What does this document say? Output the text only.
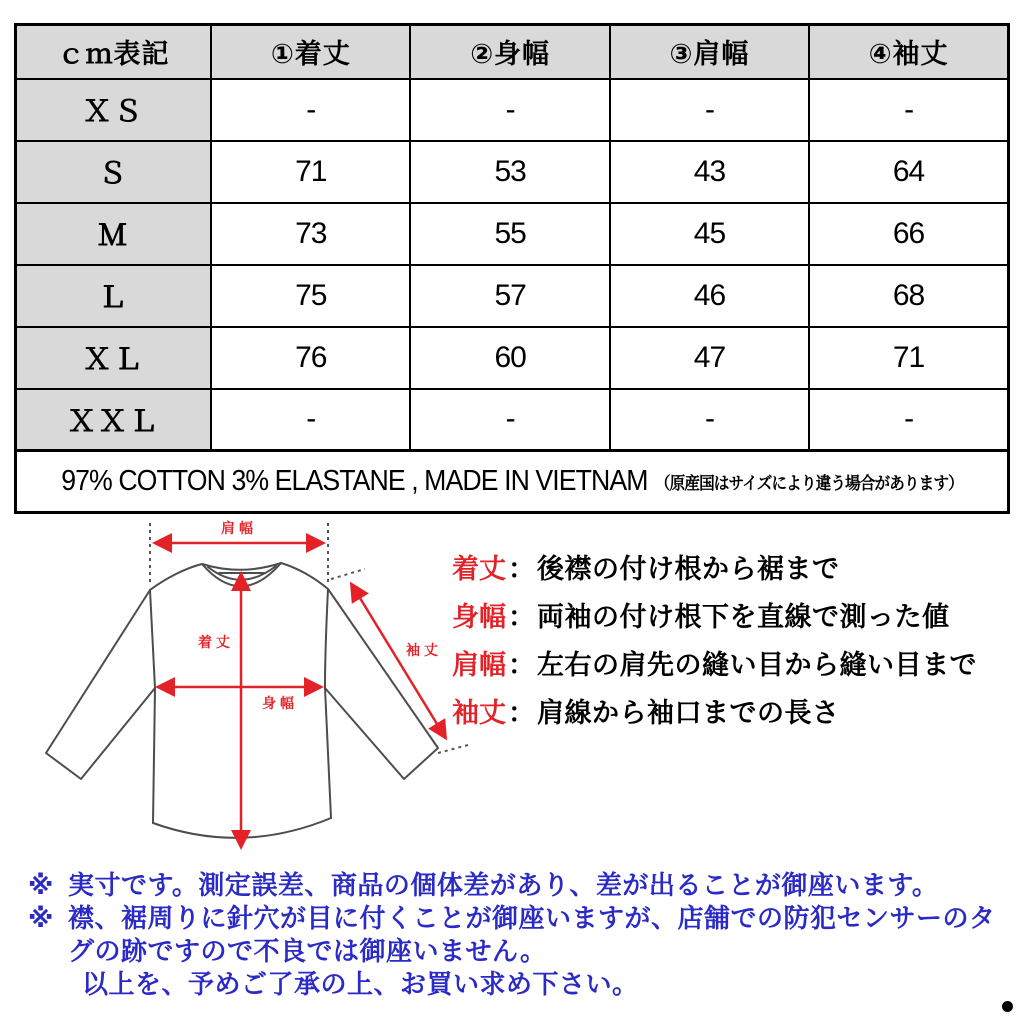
ｃｍ表記	①着丈	②身幅	③肩幅	④袖丈
ＸＳ	-	-	-	-
Ｓ	71	53	43	64
Ｍ	73	55	45	66
Ｌ	75	57	46	68
ＸＬ	76	60	47	71
ＸＸＬ	-	-	-	-

97% COTTON 3% ELASTANE , MADE IN VIETNAM （原産国はサイズにより違う場合があります）				
肩幅
着丈
身幅
袖丈
着丈 ： 後襟の付け根から裾まで
身幅 ： 両袖の付け根下を直線で測った値
肩幅 ： 左右の肩先の縫い目から縫い目まで
袖丈 ： 肩線から袖口までの長さ
※ 実寸です。測定誤差、商品の個体差があり、差が出ることが御座います。
※ 襟、裾周りに針穴が目に付くことが御座いますが、店舗での防犯センサーのタ
グの跡ですので不良では御座いません。
以上を、予めご了承の上、お買い求め下さい。
